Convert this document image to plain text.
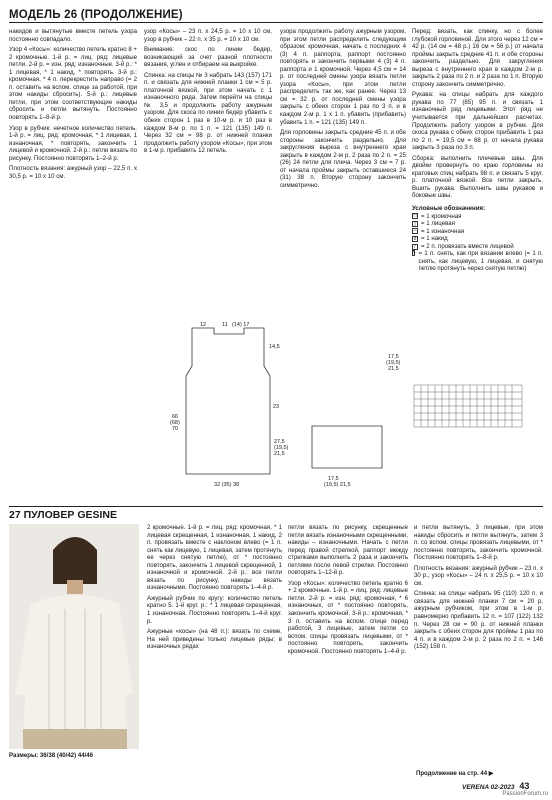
МОДЕЛЬ 26 (ПРОДОЛЖЕНИЕ)

накидов и вытянутые вместе петель узора постоянно совпадало.

Узор 4 «Косы»: количество петель кратно 8 + 2 кромочные. 1-й р. = лиц. ряд: лицевые петли. 2-й р. = изн. ряд: изнаночные. 3-й р.: * 1 лицевая, * 1 накид, * повторять. 3-й р.: кромочная, * 4 п. перекрестить направо (= 2 п. оставить на вспом. спице за работой, при этом накиды сбросить). 5-й р.: лицевые петли, при этом соответствующие накиды сбросить и петли вытянуть. Постоянно повторять 1–8-й р.

Узор в рубчик: нечетное количество петель. 1-й р. = лиц. ряд: кромочная, * 1 лицевая, 1 изнаночная, * повторять, закончить 1 лицевой и кромочной. 2-й р.: петли вязать по рисунку. Постоянно повторять 1–2-й р.

Плотность вязания: ажурный узор – 22,5 п. х 30,5 р. = 10 х 10 см.

узор «Косы» – 23 п. х 24,5 р. = 10 х 10 см, узор в рубчик – 22 п. х 35 р. = 10 х 10 см.

Внимание: скос по линии бедер, возникающий за счет разной плотности вязания, углен и отбираем на выкройке.

Спинка: на спицы № 3 набрать 143 (157) 171 п. и связать для нижней планки 1 см = 5 р. платочной вязкой, при этом начать с 1 изнаночного ряда. Затем перейти на спицы № 3,5 и продолжить работу ажурным узором. Для скоса по линии бедер убавить с обеих сторон 1 раз в 10-м р. и 10 раз в каждом 8-м р. по 1 п. = 121 (135) 149 п. Через 32 см = 98 р. от нижней планки продолжить работу узором «Косы», при этом в 1-м р. прибавить 12 петель.

узора продолжить работу ажурным узором, при этом петли распределить следующим образом: кромочная, начать с последних 4 (3) 4 п. раппорта, раппорт постоянно повторять и закончить первыми 4 (3) 4 п. раппорта и 1 кромочной. Через 4,5 см = 14 р. от последней смены узора вязать петли узора «Косы», при этом петли распределить так же, как ранее. Через 13 см = 32 р. от последней смены узора закрыть с обеих сторон 1 раз по 3 п. и в каждом 2-м р. 1 х 1 п. убавить (прибавить) убавить 1 п. = 121 (135) 149 п.

Для горловины закрыть средние 45 п. и обе стороны закончить раздельно. Для закругления выреза с внутреннего края закрыть в каждом 2-м р. 2 раза по 2 п. = 25 (26) 24 петли для плеча. Через 3 см = 7 р. от начала проймы закрыть оставшиеся 24 (31) 38 п. Вторую сторону закончить симметрично.

Перед: вязать, как спинку, но с более глубокой горловиной. Для этого через 12 см = 42 р. (14 см = 48 р.) 16 см = 56 р.) от начала проймы закрыть средние 41 п. и обе стороны закончить раздельно. Для закругления выреза с внутреннего края в каждом 2-м р. закрыть 2 раза по 2 п. и 2 раза по 1 п. Вторую сторону закончить симметрично.

Рукава: на спицы набрать для каждого рукава по 77 (85) 95 п. и связать 1 изнаночный ряд лицевыми. Этот ряд не учитывается при дальнейших расчетах. Продолжить работу узором в рубчик. Для скоса рукава с обеих сторон прибавить 1 раз по 2 п. = 19,5 см = 68 р. от начала рукава закрыть 3 раза по 3 п.

Сборка: выполнить плечевые швы. Для двойки провернуть по краю горловины из кратовых спиц набрать 98 п. и связать 5 круг. р. платочной вязкой. Все петли закрыть. Вшить рукава. Выполнить швы рукавов и боковые швы.

Условные обозначения:

□ = 1 кромочная
| = 1 лицевая
– = 1 изнаночная
o = 1 накид
/ = 2 п. провязать вместе лицевой
\ = 1 п. снять, как при вязании влево (= 1 п. снять, как лицевую, 1 лицевая, и снятую петлю протянуть через снятую петлю)
12	11 (14) 17
14,5
23
27,5
(19,5)
21,5
66
(68)
70
17,5
(19,5)
21,5
32 (35) 38
17,5
(19,5) 21,5
27 ПУЛОВЕР GESINE

Размеры: 36/38 (40/42) 44/46

2 кромочные. 1-й р. = лиц. ряд: кромочная, * 1 лицевая скрещенная, 1 изнаночная, 1 накид, 2 п. провязать вместе с наклоном влево (= 1 п. снять как лицевую, 1 лицевая, затем протянуть ее через снятую петлю), от * постоянно повторять, закончить 1 лицевой скрещенной, 1 изнаночной и кромочной. 2-й р.: все петли вязать по рисунку, накиды вязать изнаночными. Постоянно повторять 1–4-й р.

Ажурный рубчик по кругу: количество петель кратно 5. 1-й круг. р.: * 1 лицевая скрещенная, 1 изнаночная. Постоянно повторять 1–4-й круг. р.

Ажурные «косы» (на 48 п.): вязать по схеме. На ней приведены только лицевые ряды; в изнаночных рядах

петли вязать по рисунку, скрещенные петли вязать изнаночными скрещенными, накиды – изнаночными. Начать с петли перед правой стрелкой, раппорт между стрелками выполнить 2 раза и закончить петлями после левой стрелки. Постоянно повторять 1–12-й р.

Узор «Косы»: количество петель кратно 6 + 2 кромочные. 1-й р. = лиц. ряд: лицевые петли. 2-й р. = изн. ряд: кромочная, * 6 изнаночных, от * постоянно повторять, закончить кромочной. 3-й р.: кромочная, * 3 п. оставить на вспом. спице перед работой, 3 лицевые, затем петли со вспом. спицы провязать лицевыми, от * постоянно повторять, закончить кромочной. Постоянно повторять 1–4-й р.

и петли вытянуть, 3 лицевые, при этом накиды сбросить и петли вытянуть, затем 3 п. со вспом. спицы провязать лицевыми, от * постоянно повторять, закончить кромочной. Постоянно повторять 1–8-й р.

Плотность вязания: ажурный рубчик – 23 п. х 30 р., узор «Косы» – 24 п. х 25,5 р. = 10 х 10 см.

Спинка: на спицы набрать 95 (110) 120 п. и связать для нижней планки 7 см = 20 р. ажурным рубчиком, при этом в 1-м р. равномерно прибавить 12 п. = 107 (122) 132 п. Через 28 см = 90 р. от нижней планки закрыть с обеих сторон для проймы 1 раз по 4 п. и в каждом 2-м р. 2 раза по 2 п. = 146 (152) 158 п.

Продолжение на стр. 44 ▶
VERENA 02-2023 43
PassionForum.ru
